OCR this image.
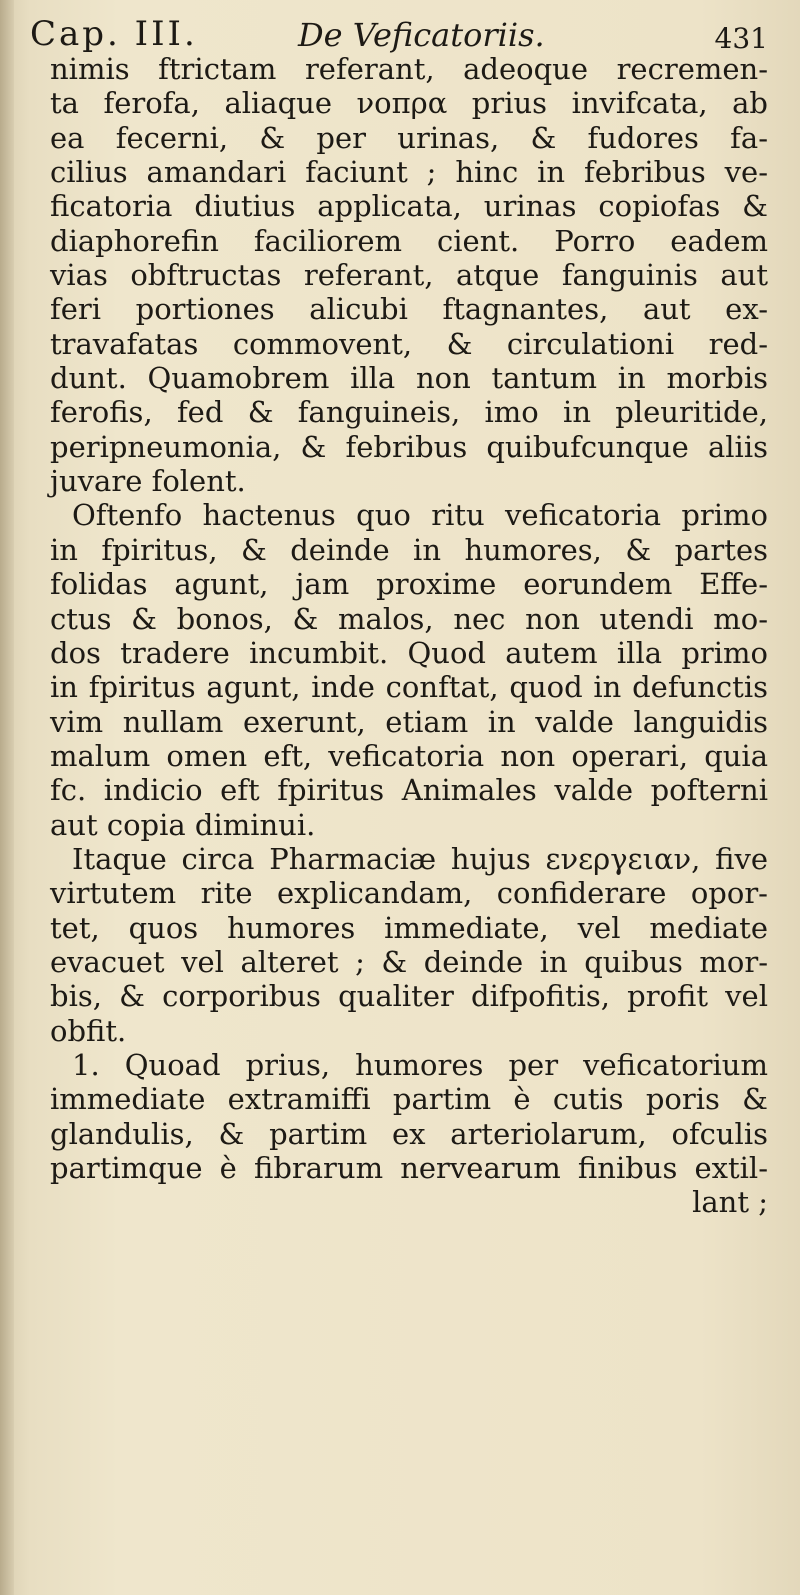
Cap. III.	De Veficatoriis.	431
nimis ftrictam referant, adeoque recremen-
ta ferofa, aliaque νοπρα prius invifcata, ab
ea fecerni, & per urinas, & fudores fa-
cilius amandari faciunt ; hinc in febribus ve-
ficatoria diutius applicata, urinas copiofas &
diaphorefin faciliorem cient. Porro eadem
vias obftructas referant, atque fanguinis aut
feri portiones alicubi ftagnantes, aut ex-
travafatas commovent, & circulationi red-
dunt. Quamobrem illa non tantum in morbis
ferofis, fed & fanguineis, imo in pleuritide,
peripneumonia, & febribus quibufcunque aliis
juvare folent.
Oftenfo hactenus quo ritu veficatoria primo
in fpiritus, & deinde in humores, & partes
folidas agunt, jam proxime eorundem Effe-
ctus & bonos, & malos, nec non utendi mo-
dos tradere incumbit. Quod autem illa primo
in fpiritus agunt, inde conftat, quod in defunctis
vim nullam exerunt, etiam in valde languidis
malum omen eft, veficatoria non operari, quia
fc. indicio eft fpiritus Animales valde pofterni
aut copia diminui.
Itaque circa Pharmaciæ hujus ενεργειαν, five
virtutem rite explicandam, confiderare opor-
tet, quos humores immediate, vel mediate
evacuet vel alteret ; & deinde in quibus mor-
bis, & corporibus qualiter difpofitis, profit vel
obfit.
1. Quoad prius, humores per veficatorium
immediate extramiffi partim è cutis poris &
glandulis, & partim ex arteriolarum, ofculis
partimque è fibrarum nervearum finibus extil-
lant ;
